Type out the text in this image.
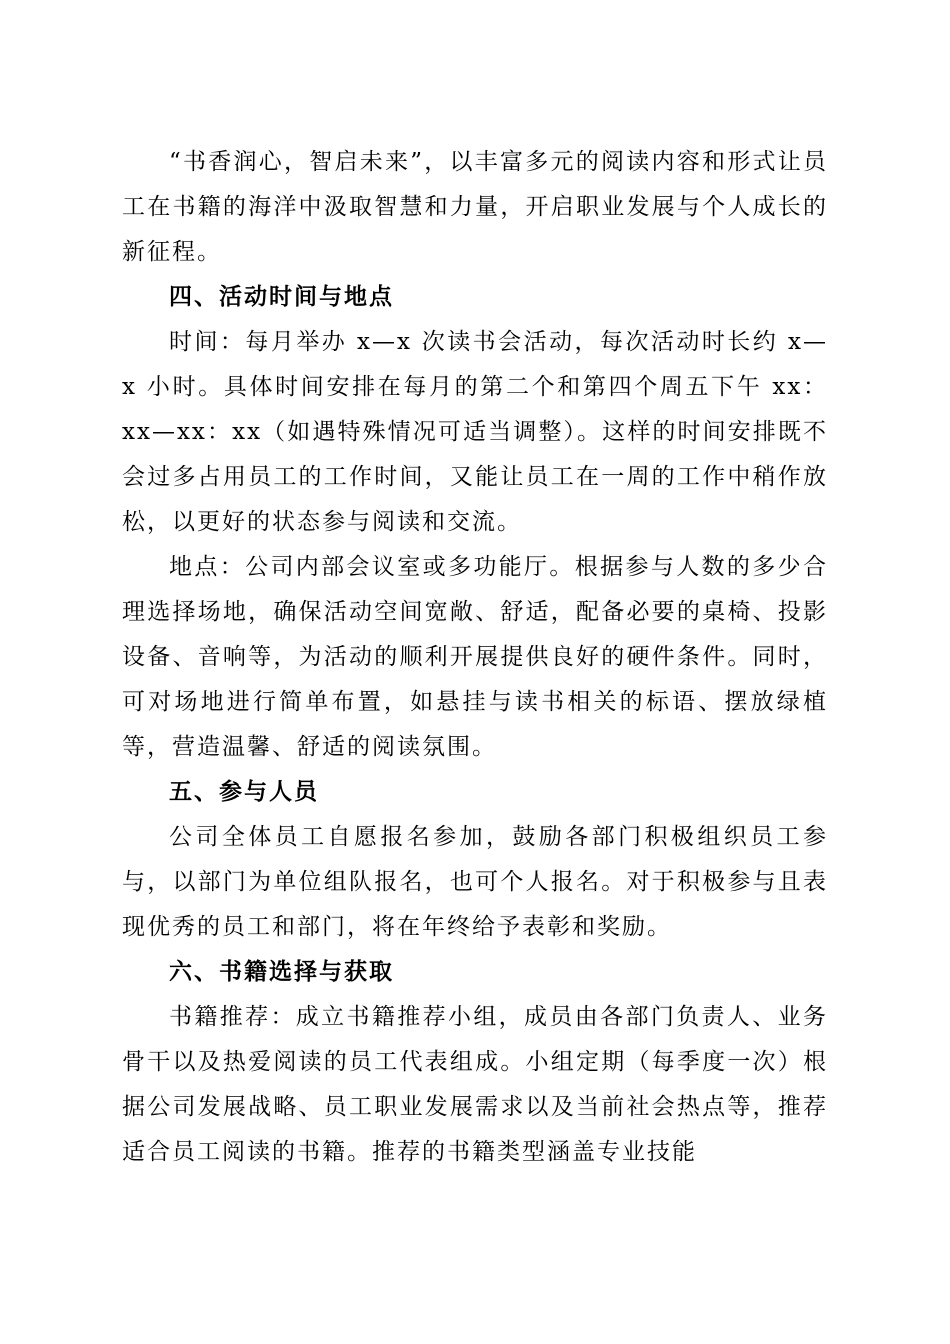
“书香润心，智启未来”，以丰富多元的阅读内容和形式让员工在书籍的海洋中汲取智慧和力量，开启职业发展与个人成长的新征程。

四、活动时间与地点

时间：每月举办 x—x 次读书会活动，每次活动时长约 x—x 小时。具体时间安排在每月的第二个和第四个周五下午 xx：xx—xx：xx（如遇特殊情况可适当调整）。这样的时间安排既不会过多占用员工的工作时间，又能让员工在一周的工作中稍作放松，以更好的状态参与阅读和交流。

地点：公司内部会议室或多功能厅。根据参与人数的多少合理选择场地，确保活动空间宽敞、舒适，配备必要的桌椅、投影设备、音响等，为活动的顺利开展提供良好的硬件条件。同时，可对场地进行简单布置，如悬挂与读书相关的标语、摆放绿植等，营造温馨、舒适的阅读氛围。

五、参与人员

公司全体员工自愿报名参加，鼓励各部门积极组织员工参与，以部门为单位组队报名，也可个人报名。对于积极参与且表现优秀的员工和部门，将在年终给予表彰和奖励。

六、书籍选择与获取

书籍推荐：成立书籍推荐小组，成员由各部门负责人、业务骨干以及热爱阅读的员工代表组成。小组定期（每季度一次）根据公司发展战略、员工职业发展需求以及当前社会热点等，推荐适合员工阅读的书籍。推荐的书籍类型涵盖专业技能
